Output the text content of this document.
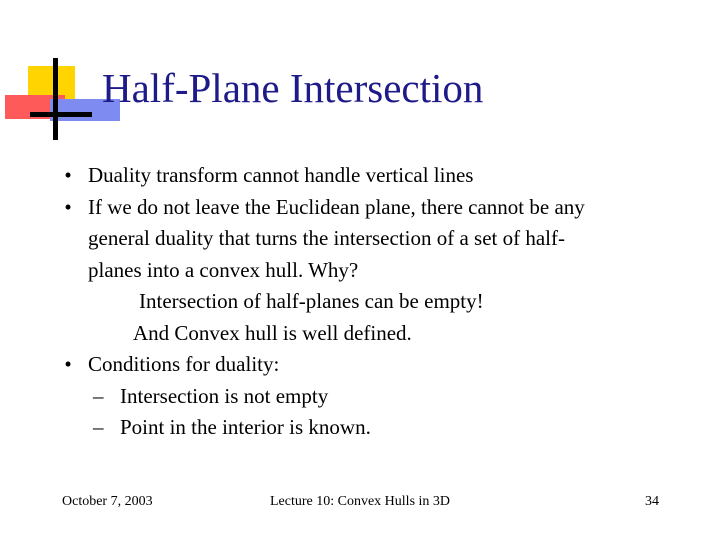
Half-Plane Intersection
• Duality transform cannot handle vertical lines
• If we do not leave the Euclidean plane, there cannot be any
general duality that turns the intersection of a set of half-
planes into a convex hull. Why?
Intersection of half-planes can be empty!
And Convex hull is well defined.
• Conditions for duality:
– Intersection is not empty
– Point in the interior is known.
October 7, 2003	Lecture 10: Convex Hulls in 3D	34
